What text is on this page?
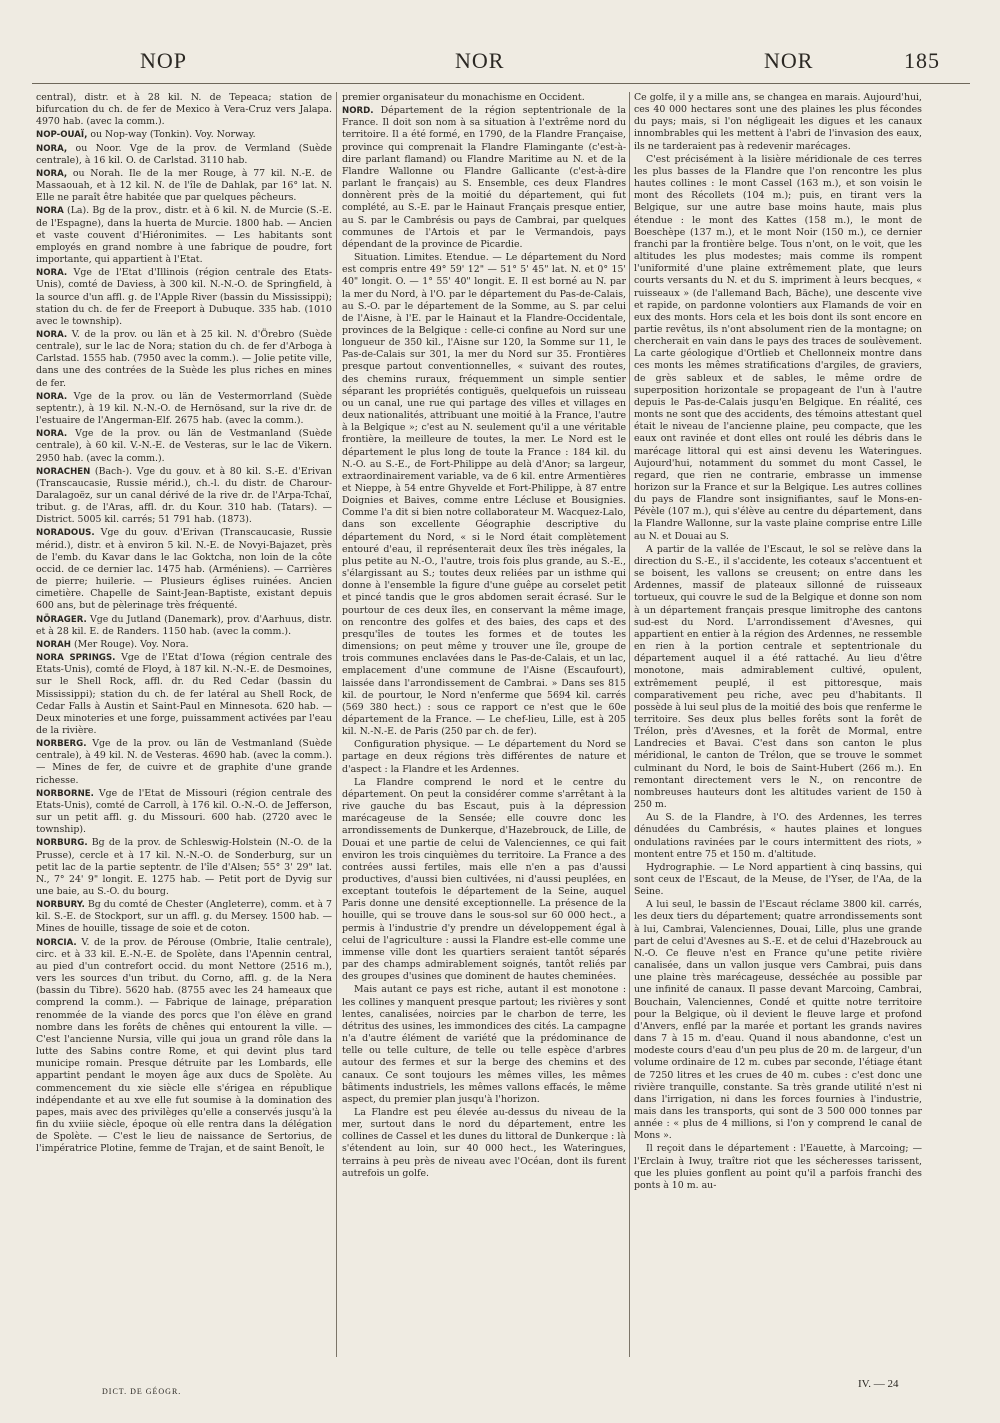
NOP	NOR	NOR	185

central), distr. et à 28 kil. N. de Tepeaca; station de bifurcation du ch. de fer de Mexico à Vera-Cruz vers Jalapa. 4970 hab. (avec la comm.).

NOP-OUAÏ, ou Nop-way (Tonkin). Voy. Norway.

NORA, ou Noor. Vge de la prov. de Vermland (Suède centrale), à 16 kil. O. de Carlstad. 3110 hab.

NORA, ou Norah. Ile de la mer Rouge, à 77 kil. N.-E. de Massaouah, et à 12 kil. N. de l'île de Dahlak, par 16° lat. N. Elle ne paraît être habitée que par quelques pêcheurs.

NORA (La). Bg de la prov., distr. et à 6 kil. N. de Murcie (S.-E. de l'Espagne), dans la huerta de Murcie. 1800 hab. — Ancien et vaste couvent d'Hiéronimites. — Les habitants sont employés en grand nombre à une fabrique de poudre, fort importante, qui appartient à l'Etat.

NORA. Vge de l'Etat d'Illinois (région centrale des Etats-Unis), comté de Daviess, à 300 kil. N.-N.-O. de Springfield, à la source d'un affl. g. de l'Apple River (bassin du Mississippi); station du ch. de fer de Freeport à Dubuque. 335 hab. (1010 avec le township).

NORA. V. de la prov. ou län et à 25 kil. N. d'Örebro (Suède centrale), sur le lac de Nora; station du ch. de fer d'Arboga à Carlstad. 1555 hab. (7950 avec la comm.). — Jolie petite ville, dans une des contrées de la Suède les plus riches en mines de fer.

NORA. Vge de la prov. ou län de Vestermorrland (Suède septentr.), à 19 kil. N.-N.-O. de Hernösand, sur la rive dr. de l'estuaire de l'Angerman-Elf. 2675 hab. (avec la comm.).

NORA. Vge de la prov. ou län de Vestmanland (Suède centrale), à 60 kil. V.-N.-E. de Vesteras, sur le lac de Vikern. 2950 hab. (avec la comm.).

NORACHEN (Bach-). Vge du gouv. et à 80 kil. S.-E. d'Erivan (Transcaucasie, Russie mérid.), ch.-l. du distr. de Charour-Daralagoëz, sur un canal dérivé de la rive dr. de l'Arpa-Tchaï, tribut. g. de l'Aras, affl. dr. du Kour. 310 hab. (Tatars). — District. 5005 kil. carrés; 51 791 hab. (1873).

NORADOUS. Vge du gouv. d'Erivan (Transcaucasie, Russie mérid.), distr. et à environ 5 kil. N.-E. de Novyi-Bajazet, près de l'emb. du Kavar dans le lac Goktcha, non loin de la côte occid. de ce dernier lac. 1475 hab. (Arméniens). — Carrières de pierre; huilerie. — Plusieurs églises ruinées. Ancien cimetière. Chapelle de Saint-Jean-Baptiste, existant depuis 600 ans, but de pèlerinage très fréquenté.

NÖRAGER. Vge du Jutland (Danemark), prov. d'Aarhuus, distr. et à 28 kil. E. de Randers. 1150 hab. (avec la comm.).

NORAH (Mer Rouge). Voy. Nora.

NORA SPRINGS. Vge de l'Etat d'Iowa (région centrale des Etats-Unis), comté de Floyd, à 187 kil. N.-N.-E. de Desmoines, sur le Shell Rock, affl. dr. du Red Cedar (bassin du Mississippi); station du ch. de fer latéral au Shell Rock, de Cedar Falls à Austin et Saint-Paul en Minnesota. 620 hab. — Deux minoteries et une forge, puissamment activées par l'eau de la rivière.

NORBERG. Vge de la prov. ou län de Vestmanland (Suède centrale), à 49 kil. N. de Vesteras. 4690 hab. (avec la comm.). — Mines de fer, de cuivre et de graphite d'une grande richesse.

NORBORNE. Vge de l'Etat de Missouri (région centrale des Etats-Unis), comté de Carroll, à 176 kil. O.-N.-O. de Jefferson, sur un petit affl. g. du Missouri. 600 hab. (2720 avec le township).

NORBURG. Bg de la prov. de Schleswig-Holstein (N.-O. de la Prusse), cercle et à 17 kil. N.-N.-O. de Sonderburg, sur un petit lac de la partie septentr. de l'île d'Alsen; 55° 3' 29" lat. N., 7° 24' 9" longit. E. 1275 hab. — Petit port de Dyvig sur une baie, au S.-O. du bourg.

NORBURY. Bg du comté de Chester (Angleterre), comm. et à 7 kil. S.-E. de Stockport, sur un affl. g. du Mersey. 1500 hab. — Mines de houille, tissage de soie et de coton.

NORCIA. V. de la prov. de Pérouse (Ombrie, Italie centrale), circ. et à 33 kil. E.-N.-E. de Spolète, dans l'Apennin central, au pied d'un contrefort occid. du mont Nettore (2516 m.), vers les sources d'un tribut. du Corno, affl. g. de la Nera (bassin du Tibre). 5620 hab. (8755 avec les 24 hameaux que comprend la comm.). — Fabrique de lainage, préparation renommée de la viande des porcs que l'on élève en grand nombre dans les forêts de chênes qui entourent la ville. — C'est l'ancienne Nursia, ville qui joua un grand rôle dans la lutte des Sabins contre Rome, et qui devint plus tard municipe romain. Presque détruite par les Lombards, elle appartint pendant le moyen âge aux ducs de Spolète. Au commencement du xie siècle elle s'érigea en république indépendante et au xve elle fut soumise à la domination des papes, mais avec des privilèges qu'elle a conservés jusqu'à la fin du xviiie siècle, époque où elle rentra dans la délégation de Spolète. — C'est le lieu de naissance de Sertorius, de l'impératrice Plotine, femme de Trajan, et de saint Benoît, le

premier organisateur du monachisme en Occident.

NORD. Département de la région septentrionale de la France. Il doit son nom à sa situation à l'extrême nord du territoire. Il a été formé, en 1790, de la Flandre Française, province qui comprenait la Flandre Flamingante (c'est-à-dire parlant flamand) ou Flandre Maritime au N. et de la Flandre Wallonne ou Flandre Gallicante (c'est-à-dire parlant le français) au S. Ensemble, ces deux Flandres donnèrent près de la moitié du département, qui fut complété, au S.-E. par le Hainaut Français presque entier, au S. par le Cambrésis ou pays de Cambrai, par quelques communes de l'Artois et par le Vermandois, pays dépendant de la province de Picardie.

Situation. Limites. Etendue. — Le département du Nord est compris entre 49° 59' 12" — 51° 5' 45" lat. N. et 0° 15' 40" longit. O. — 1° 55' 40" longit. E. Il est borné au N. par la mer du Nord, à l'O. par le département du Pas-de-Calais, au S.-O. par le département de la Somme, au S. par celui de l'Aisne, à l'E. par le Hainaut et la Flandre-Occidentale, provinces de la Belgique : celle-ci confine au Nord sur une longueur de 350 kil., l'Aisne sur 120, la Somme sur 11, le Pas-de-Calais sur 301, la mer du Nord sur 35. Frontières presque partout conventionnelles, « suivant des routes, des chemins ruraux, fréquemment un simple sentier séparant les propriétés contiguës, quelquefois un ruisseau ou un canal, une rue qui partage des villes et villages en deux nationalités, attribuant une moitié à la France, l'autre à la Belgique »; c'est au N. seulement qu'il a une véritable frontière, la meilleure de toutes, la mer. Le Nord est le département le plus long de toute la France : 184 kil. du N.-O. au S.-E., de Fort-Philippe au delà d'Anor; sa largeur, extraordinairement variable, va de 6 kil. entre Armentières et Nieppe, à 54 entre Ghyvelde et Fort-Philippe, à 87 entre Doignies et Baives, comme entre Lécluse et Bousignies. Comme l'a dit si bien notre collaborateur M. Wacquez-Lalo, dans son excellente Géographie descriptive du département du Nord, « si le Nord était complètement entouré d'eau, il représenterait deux îles très inégales, la plus petite au N.-O., l'autre, trois fois plus grande, au S.-E., s'élargissant au S.; toutes deux reliées par un isthme qui donne à l'ensemble la figure d'une guêpe au corselet petit et pincé tandis que le gros abdomen serait écrasé. Sur le pourtour de ces deux îles, en conservant la même image, on rencontre des golfes et des baies, des caps et des presqu'îles de toutes les formes et de toutes les dimensions; on peut même y trouver une île, groupe de trois communes enclavées dans le Pas-de-Calais, et un lac, emplacement d'une commune de l'Aisne (Escaufourt), laissée dans l'arrondissement de Cambrai. » Dans ses 815 kil. de pourtour, le Nord n'enferme que 5694 kil. carrés (569 380 hect.) : sous ce rapport ce n'est que le 60e département de la France. — Le chef-lieu, Lille, est à 205 kil. N.-N.-E. de Paris (250 par ch. de fer).

Configuration physique. — Le département du Nord se partage en deux régions très différentes de nature et d'aspect : la Flandre et les Ardennes.

La Flandre comprend le nord et le centre du département. On peut la considérer comme s'arrêtant à la rive gauche du bas Escaut, puis à la dépression marécageuse de la Sensée; elle couvre donc les arrondissements de Dunkerque, d'Hazebrouck, de Lille, de Douai et une partie de celui de Valenciennes, ce qui fait environ les trois cinquièmes du territoire. La France a des contrées aussi fertiles, mais elle n'en a pas d'aussi productives, d'aussi bien cultivées, ni d'aussi peuplées, en exceptant toutefois le département de la Seine, auquel Paris donne une densité exceptionnelle. La présence de la houille, qui se trouve dans le sous-sol sur 60 000 hect., a permis à l'industrie d'y prendre un développement égal à celui de l'agriculture : aussi la Flandre est-elle comme une immense ville dont les quartiers seraient tantôt séparés par des champs admirablement soignés, tantôt reliés par des groupes d'usines que dominent de hautes cheminées.

Mais autant ce pays est riche, autant il est monotone : les collines y manquent presque partout; les rivières y sont lentes, canalisées, noircies par le charbon de terre, les détritus des usines, les immondices des cités. La campagne n'a d'autre élément de variété que la prédominance de telle ou telle culture, de telle ou telle espèce d'arbres autour des fermes et sur la berge des chemins et des canaux. Ce sont toujours les mêmes villes, les mêmes bâtiments industriels, les mêmes vallons effacés, le même aspect, du premier plan jusqu'à l'horizon.

La Flandre est peu élevée au-dessus du niveau de la mer, surtout dans le nord du département, entre les collines de Cassel et les dunes du littoral de Dunkerque : là s'étendent au loin, sur 40 000 hect., les Wateringues, terrains à peu près de niveau avec l'Océan, dont ils furent autrefois un golfe.

Ce golfe, il y a mille ans, se changea en marais. Aujourd'hui, ces 40 000 hectares sont une des plaines les plus fécondes du pays; mais, si l'on négligeait les digues et les canaux innombrables qui les mettent à l'abri de l'invasion des eaux, ils ne tarderaient pas à redevenir marécages.

C'est précisément à la lisière méridionale de ces terres les plus basses de la Flandre que l'on rencontre les plus hautes collines : le mont Cassel (163 m.), et son voisin le mont des Récollets (104 m.); puis, en tirant vers la Belgique, sur une autre base moins haute, mais plus étendue : le mont des Kattes (158 m.), le mont de Boeschèpe (137 m.), et le mont Noir (150 m.), ce dernier franchi par la frontière belge. Tous n'ont, on le voit, que les altitudes les plus modestes; mais comme ils rompent l'uniformité d'une plaine extrêmement plate, que leurs courts versants du N. et du S. impriment à leurs becques, « ruisseaux » (de l'allemand Bach, Bäche), une descente vive et rapide, on pardonne volontiers aux Flamands de voir en eux des monts. Hors cela et les bois dont ils sont encore en partie revêtus, ils n'ont absolument rien de la montagne; on chercherait en vain dans le pays des traces de soulèvement. La carte géologique d'Ortlieb et Chellonneix montre dans ces monts les mêmes stratifications d'argiles, de graviers, de grès sableux et de sables, le même ordre de superposition horizontale se propageant de l'un à l'autre depuis le Pas-de-Calais jusqu'en Belgique. En réalité, ces monts ne sont que des accidents, des témoins attestant quel était le niveau de l'ancienne plaine, peu compacte, que les eaux ont ravinée et dont elles ont roulé les débris dans le marécage littoral qui est ainsi devenu les Wateringues. Aujourd'hui, notamment du sommet du mont Cassel, le regard, que rien ne contrarie, embrasse un immense horizon sur la France et sur la Belgique. Les autres collines du pays de Flandre sont insignifiantes, sauf le Mons-en-Pévèle (107 m.), qui s'élève au centre du département, dans la Flandre Wallonne, sur la vaste plaine comprise entre Lille au N. et Douai au S.

A partir de la vallée de l'Escaut, le sol se relève dans la direction du S.-E., il s'accidente, les coteaux s'accentuent et se boisent, les vallons se creusent; on entre dans les Ardennes, massif de plateaux sillonné de ruisseaux tortueux, qui couvre le sud de la Belgique et donne son nom à un département français presque limitrophe des cantons sud-est du Nord. L'arrondissement d'Avesnes, qui appartient en entier à la région des Ardennes, ne ressemble en rien à la portion centrale et septentrionale du département auquel il a été rattaché. Au lieu d'être monotone, mais admirablement cultivé, opulent, extrêmement peuplé, il est pittoresque, mais comparativement peu riche, avec peu d'habitants. Il possède à lui seul plus de la moitié des bois que renferme le territoire. Ses deux plus belles forêts sont la forêt de Trélon, près d'Avesnes, et la forêt de Mormal, entre Landrecies et Bavai. C'est dans son canton le plus méridional, le canton de Trélon, que se trouve le sommet culminant du Nord, le bois de Saint-Hubert (266 m.). En remontant directement vers le N., on rencontre de nombreuses hauteurs dont les altitudes varient de 150 à 250 m.

Au S. de la Flandre, à l'O. des Ardennes, les terres dénudées du Cambrésis, « hautes plaines et longues ondulations ravinées par le cours intermittent des riots, » montent entre 75 et 150 m. d'altitude.

Hydrographie. — Le Nord appartient à cinq bassins, qui sont ceux de l'Escaut, de la Meuse, de l'Yser, de l'Aa, de la Seine.

A lui seul, le bassin de l'Escaut réclame 3800 kil. carrés, les deux tiers du département; quatre arrondissements sont à lui, Cambrai, Valenciennes, Douai, Lille, plus une grande part de celui d'Avesnes au S.-E. et de celui d'Hazebrouck au N.-O. Ce fleuve n'est en France qu'une petite rivière canalisée, dans un vallon jusque vers Cambrai, puis dans une plaine très marécageuse, desséchée au possible par une infinité de canaux. Il passe devant Marcoing, Cambrai, Bouchain, Valenciennes, Condé et quitte notre territoire pour la Belgique, où il devient le fleuve large et profond d'Anvers, enflé par la marée et portant les grands navires dans 7 à 15 m. d'eau. Quand il nous abandonne, c'est un modeste cours d'eau d'un peu plus de 20 m. de largeur, d'un volume ordinaire de 12 m. cubes par seconde, l'étiage étant de 7250 litres et les crues de 40 m. cubes : c'est donc une rivière tranquille, constante. Sa très grande utilité n'est ni dans l'irrigation, ni dans les forces fournies à l'industrie, mais dans les transports, qui sont de 3 500 000 tonnes par année : « plus de 4 millions, si l'on y comprend le canal de Mons ».

Il reçoit dans le département : l'Eauette, à Marcoing; — l'Erclain à Iwuy, traître riot que les sécheresses tarissent, que les pluies gonflent au point qu'il a parfois franchi des ponts à 10 m. au-

DICT. DE GÉOGR.
IV. — 24
